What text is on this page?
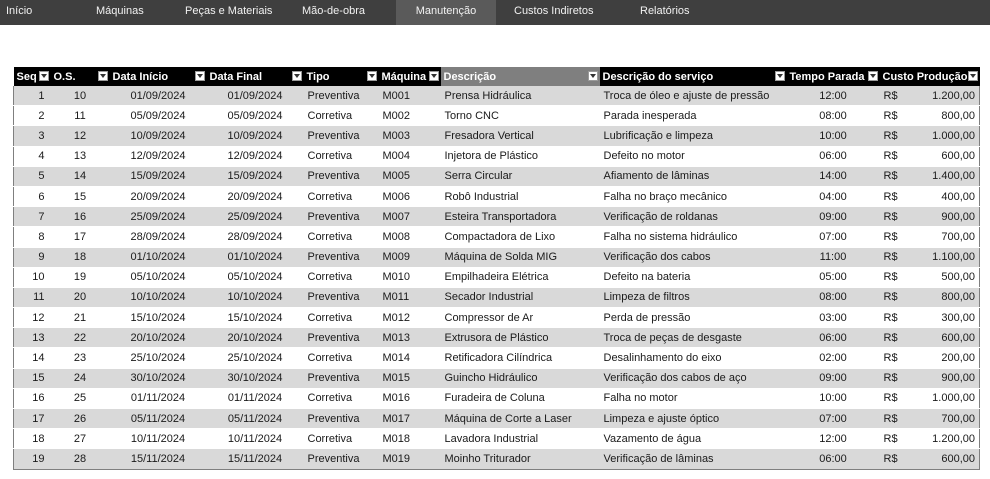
Início	Máquinas	Peças e Materiais	Mão-de-obra	Manutenção	Custos Indiretos	Relatórios
Seq	O.S.	Data Início	Data Final	Tipo	Máquina	Descrição	Descrição do serviço	Tempo Parada	Custo Produção

1	10	01/09/2024	01/09/2024	Preventiva	M001	Prensa Hidráulica	Troca de óleo e ajuste de pressão	12:00	R$ 1.200,00

2	11	05/09/2024	05/09/2024	Corretiva	M002	Torno CNC	Parada inesperada	08:00	R$ 800,00

3	12	10/09/2024	10/09/2024	Preventiva	M003	Fresadora Vertical	Lubrificação e limpeza	10:00	R$ 1.000,00

4	13	12/09/2024	12/09/2024	Corretiva	M004	Injetora de Plástico	Defeito no motor	06:00	R$ 600,00

5	14	15/09/2024	15/09/2024	Preventiva	M005	Serra Circular	Afiamento de lâminas	14:00	R$ 1.400,00

6	15	20/09/2024	20/09/2024	Corretiva	M006	Robô Industrial	Falha no braço mecânico	04:00	R$ 400,00

7	16	25/09/2024	25/09/2024	Preventiva	M007	Esteira Transportadora	Verificação de roldanas	09:00	R$ 900,00

8	17	28/09/2024	28/09/2024	Corretiva	M008	Compactadora de Lixo	Falha no sistema hidráulico	07:00	R$ 700,00

9	18	01/10/2024	01/10/2024	Preventiva	M009	Máquina de Solda MIG	Verificação dos cabos	11:00	R$ 1.100,00

10	19	05/10/2024	05/10/2024	Corretiva	M010	Empilhadeira Elétrica	Defeito na bateria	05:00	R$ 500,00

11	20	10/10/2024	10/10/2024	Preventiva	M011	Secador Industrial	Limpeza de filtros	08:00	R$ 800,00

12	21	15/10/2024	15/10/2024	Corretiva	M012	Compressor de Ar	Perda de pressão	03:00	R$ 300,00

13	22	20/10/2024	20/10/2024	Preventiva	M013	Extrusora de Plástico	Troca de peças de desgaste	06:00	R$ 600,00

14	23	25/10/2024	25/10/2024	Corretiva	M014	Retificadora Cilíndrica	Desalinhamento do eixo	02:00	R$ 200,00

15	24	30/10/2024	30/10/2024	Preventiva	M015	Guincho Hidráulico	Verificação dos cabos de aço	09:00	R$ 900,00

16	25	01/11/2024	01/11/2024	Corretiva	M016	Furadeira de Coluna	Falha no motor	10:00	R$ 1.000,00

17	26	05/11/2024	05/11/2024	Preventiva	M017	Máquina de Corte a Laser	Limpeza e ajuste óptico	07:00	R$ 700,00

18	27	10/11/2024	10/11/2024	Corretiva	M018	Lavadora Industrial	Vazamento de água	12:00	R$ 1.200,00

19	28	15/11/2024	15/11/2024	Preventiva	M019	Moinho Triturador	Verificação de lâminas	06:00	R$ 600,00
